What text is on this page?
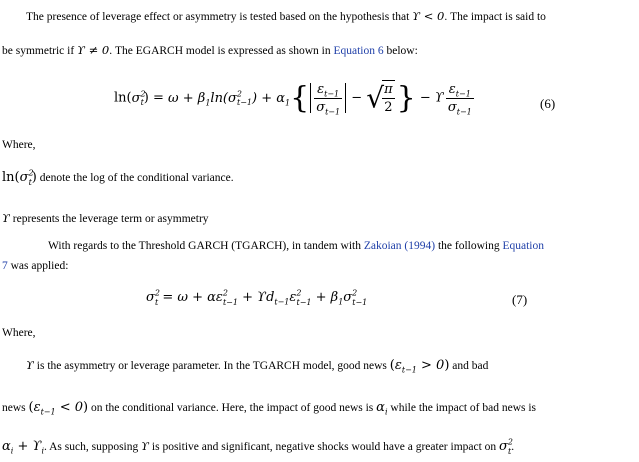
The presence of leverage effect or asymmetry is tested based on the hypothesis that ϒ < 0. The impact is said to
be symmetric if ϒ ≠ 0. The EGARCH model is expressed as shown in Equation 6 below:
$\ln(\sigma^2_t) = \omega + \beta_1\ln(\sigma^2_{t-1}) + \alpha_1\{ \frac{\varepsilon_{t-1}}{\sigma_{t-1}}$ − √
$\frac{\pi}{2}$ } − ϒ $\frac{\varepsilon_{t-1}}{\sigma_{t-1}}$	(6)
Where,
$\ln(\sigma^2_t)$ denote the log of the conditional variance.
ϒ represents the leverage term or asymmetry
With regards to the Threshold GARCH (TGARCH), in tandem with Zakoian (1994) the following Equation
7 was applied:
$\sigma^2_t = \omega + \alpha\varepsilon^2_{t-1} + ϒd_{t-1}\varepsilon^2_{t-1} + \beta_1\sigma^2_{t-1}$	(7)
Where,
ϒ is the asymmetry or leverage parameter. In the TGARCH model, good news $(\varepsilon_{t-1} > 0)$ and bad
news $(\varepsilon_{t-1} < 0)$ on the conditional variance. Here, the impact of good news is $\alpha_i$ while the impact of bad news is
$\alpha_i + ϒ_i$. As such, supposing ϒ is positive and significant, negative shocks would have a greater impact on $\sigma^2_t$.
